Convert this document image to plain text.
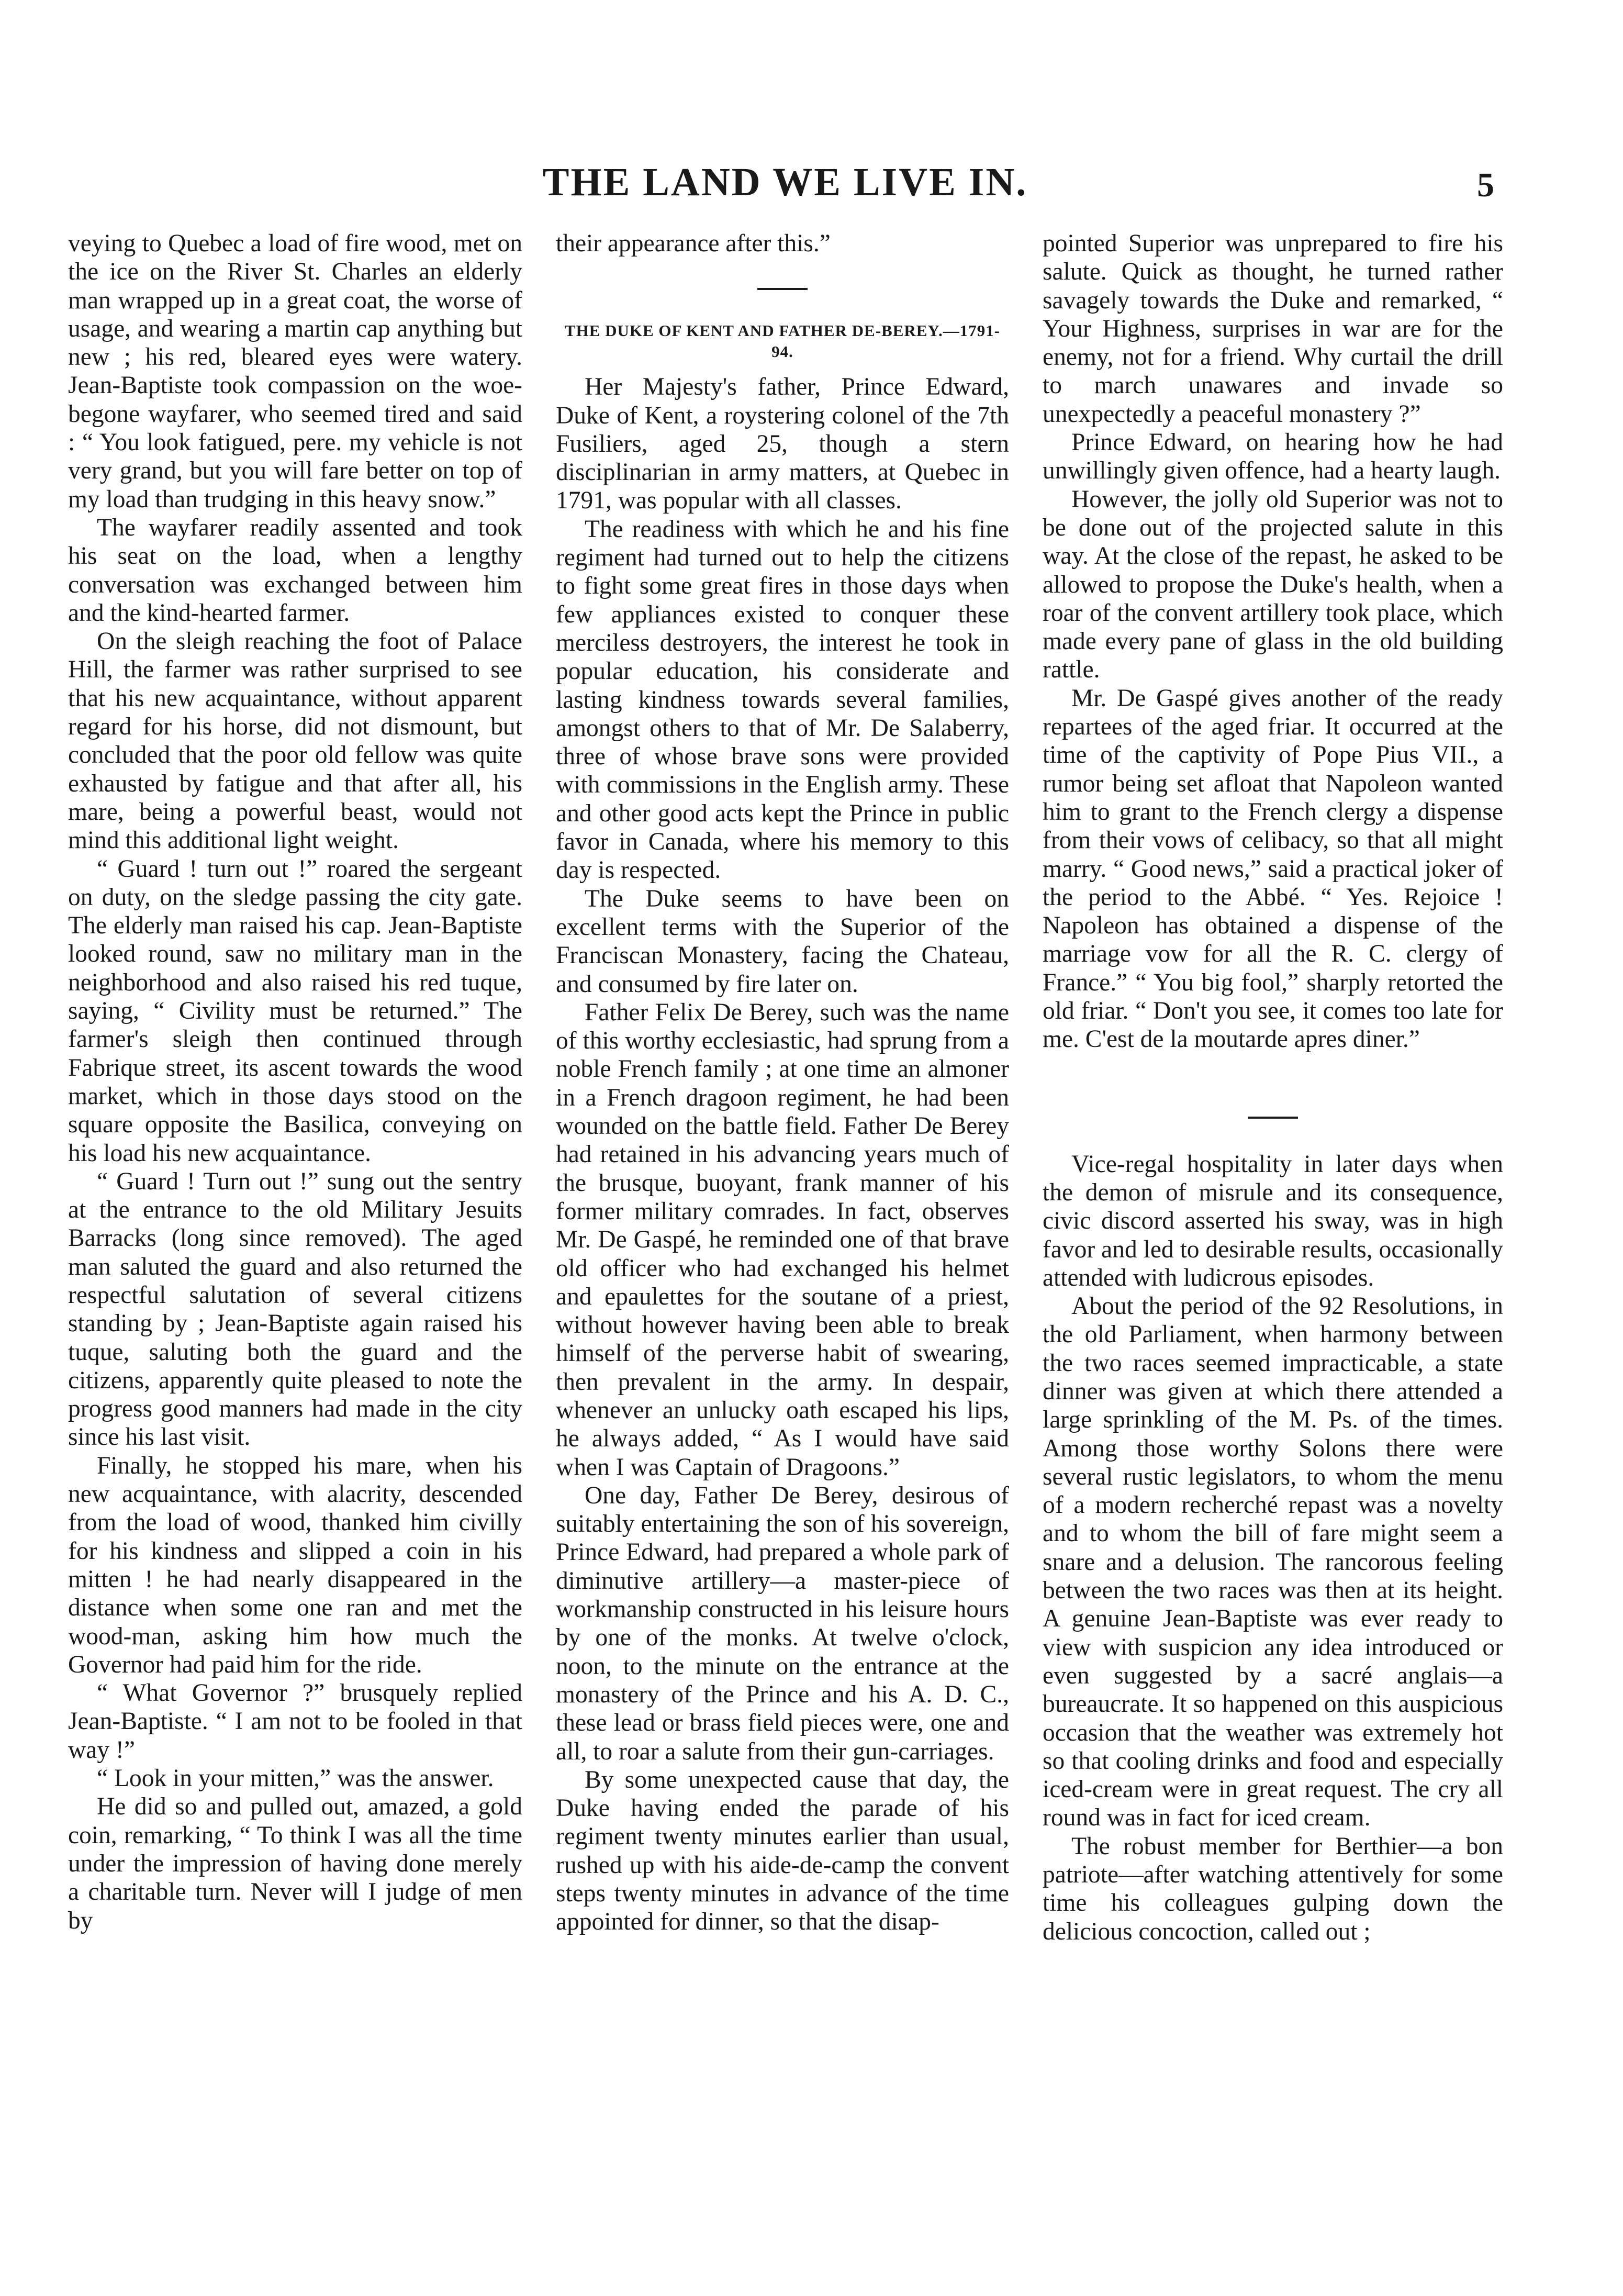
THE LAND WE LIVE IN.	5

veying to Quebec a load of fire wood, met on the ice on the River St. Charles an elderly man wrapped up in a great coat, the worse of usage, and wearing a martin cap anything but new ; his red, bleared eyes were watery. Jean-Baptiste took compassion on the woe-begone wayfarer, who seemed tired and said : “ You look fatigued, pere. my vehicle is not very grand, but you will fare better on top of my load than trudging in this heavy snow.”

The wayfarer readily assented and took his seat on the load, when a lengthy conversation was exchanged between him and the kind-hearted farmer.

On the sleigh reaching the foot of Palace Hill, the farmer was rather surprised to see that his new acquaintance, without apparent regard for his horse, did not dismount, but concluded that the poor old fellow was quite exhausted by fatigue and that after all, his mare, being a powerful beast, would not mind this additional light weight.

“ Guard ! turn out !” roared the sergeant on duty, on the sledge passing the city gate. The elderly man raised his cap. Jean-Baptiste looked round, saw no military man in the neighborhood and also raised his red tuque, saying, “ Civility must be returned.” The farmer's sleigh then continued through Fabrique street, its ascent towards the wood market, which in those days stood on the square opposite the Basilica, conveying on his load his new acquaintance.

“ Guard ! Turn out !” sung out the sentry at the entrance to the old Military Jesuits Barracks (long since removed). The aged man saluted the guard and also returned the respectful salutation of several citizens standing by ; Jean-Baptiste again raised his tuque, saluting both the guard and the citizens, apparently quite pleased to note the progress good manners had made in the city since his last visit.

Finally, he stopped his mare, when his new acquaintance, with alacrity, descended from the load of wood, thanked him civilly for his kindness and slipped a coin in his mitten ! he had nearly disappeared in the distance when some one ran and met the wood-man, asking him how much the Governor had paid him for the ride.

“ What Governor ?” brusquely replied Jean-Baptiste. “ I am not to be fooled in that way !”

“ Look in your mitten,” was the answer.

He did so and pulled out, amazed, a gold coin, remarking, “ To think I was all the time under the impression of having done merely a charitable turn. Never will I judge of men by

their appearance after this.”

THE DUKE OF KENT AND FATHER DE-BEREY.—1791-94.

Her Majesty's father, Prince Edward, Duke of Kent, a roystering colonel of the 7th Fusiliers, aged 25, though a stern disciplinarian in army matters, at Quebec in 1791, was popular with all classes.

The readiness with which he and his fine regiment had turned out to help the citizens to fight some great fires in those days when few appliances existed to conquer these merciless destroyers, the interest he took in popular education, his considerate and lasting kindness towards several families, amongst others to that of Mr. De Salaberry, three of whose brave sons were provided with commissions in the English army. These and other good acts kept the Prince in public favor in Canada, where his memory to this day is respected.

The Duke seems to have been on excellent terms with the Superior of the Franciscan Monastery, facing the Chateau, and consumed by fire later on.

Father Felix De Berey, such was the name of this worthy ecclesiastic, had sprung from a noble French family ; at one time an almoner in a French dragoon regiment, he had been wounded on the battle field. Father De Berey had retained in his advancing years much of the brusque, buoyant, frank manner of his former military comrades. In fact, observes Mr. De Gaspé, he reminded one of that brave old officer who had exchanged his helmet and epaulettes for the soutane of a priest, without however having been able to break himself of the perverse habit of swearing, then prevalent in the army. In despair, whenever an unlucky oath escaped his lips, he always added, “ As I would have said when I was Captain of Dragoons.”

One day, Father De Berey, desirous of suitably entertaining the son of his sovereign, Prince Edward, had prepared a whole park of diminutive artillery—a master-piece of workmanship constructed in his leisure hours by one of the monks. At twelve o'clock, noon, to the minute on the entrance at the monastery of the Prince and his A. D. C., these lead or brass field pieces were, one and all, to roar a salute from their gun-carriages.

By some unexpected cause that day, the Duke having ended the parade of his regiment twenty minutes earlier than usual, rushed up with his aide-de-camp the convent steps twenty minutes in advance of the time appointed for dinner, so that the disap-

pointed Superior was unprepared to fire his salute. Quick as thought, he turned rather savagely towards the Duke and remarked, “ Your Highness, surprises in war are for the enemy, not for a friend. Why curtail the drill to march unawares and invade so unexpectedly a peaceful monastery ?”

Prince Edward, on hearing how he had unwillingly given offence, had a hearty laugh.

However, the jolly old Superior was not to be done out of the projected salute in this way. At the close of the repast, he asked to be allowed to propose the Duke's health, when a roar of the convent artillery took place, which made every pane of glass in the old building rattle.

Mr. De Gaspé gives another of the ready repartees of the aged friar. It occurred at the time of the captivity of Pope Pius VII., a rumor being set afloat that Napoleon wanted him to grant to the French clergy a dispense from their vows of celibacy, so that all might marry. “ Good news,” said a practical joker of the period to the Abbé. “ Yes. Rejoice ! Napoleon has obtained a dispense of the marriage vow for all the R. C. clergy of France.” “ You big fool,” sharply retorted the old friar. “ Don't you see, it comes too late for me. C'est de la moutarde apres diner.”

Vice-regal hospitality in later days when the demon of misrule and its consequence, civic discord asserted his sway, was in high favor and led to desirable results, occasionally attended with ludicrous episodes.

About the period of the 92 Resolutions, in the old Parliament, when harmony between the two races seemed impracticable, a state dinner was given at which there attended a large sprinkling of the M. Ps. of the times. Among those worthy Solons there were several rustic legislators, to whom the menu of a modern recherché repast was a novelty and to whom the bill of fare might seem a snare and a delusion. The rancorous feeling between the two races was then at its height. A genuine Jean-Baptiste was ever ready to view with suspicion any idea introduced or even suggested by a sacré anglais—a bureaucrate. It so happened on this auspicious occasion that the weather was extremely hot so that cooling drinks and food and especially iced-cream were in great request. The cry all round was in fact for iced cream.

The robust member for Berthier—a bon patriote—after watching attentively for some time his colleagues gulping down the delicious concoction, called out ;
